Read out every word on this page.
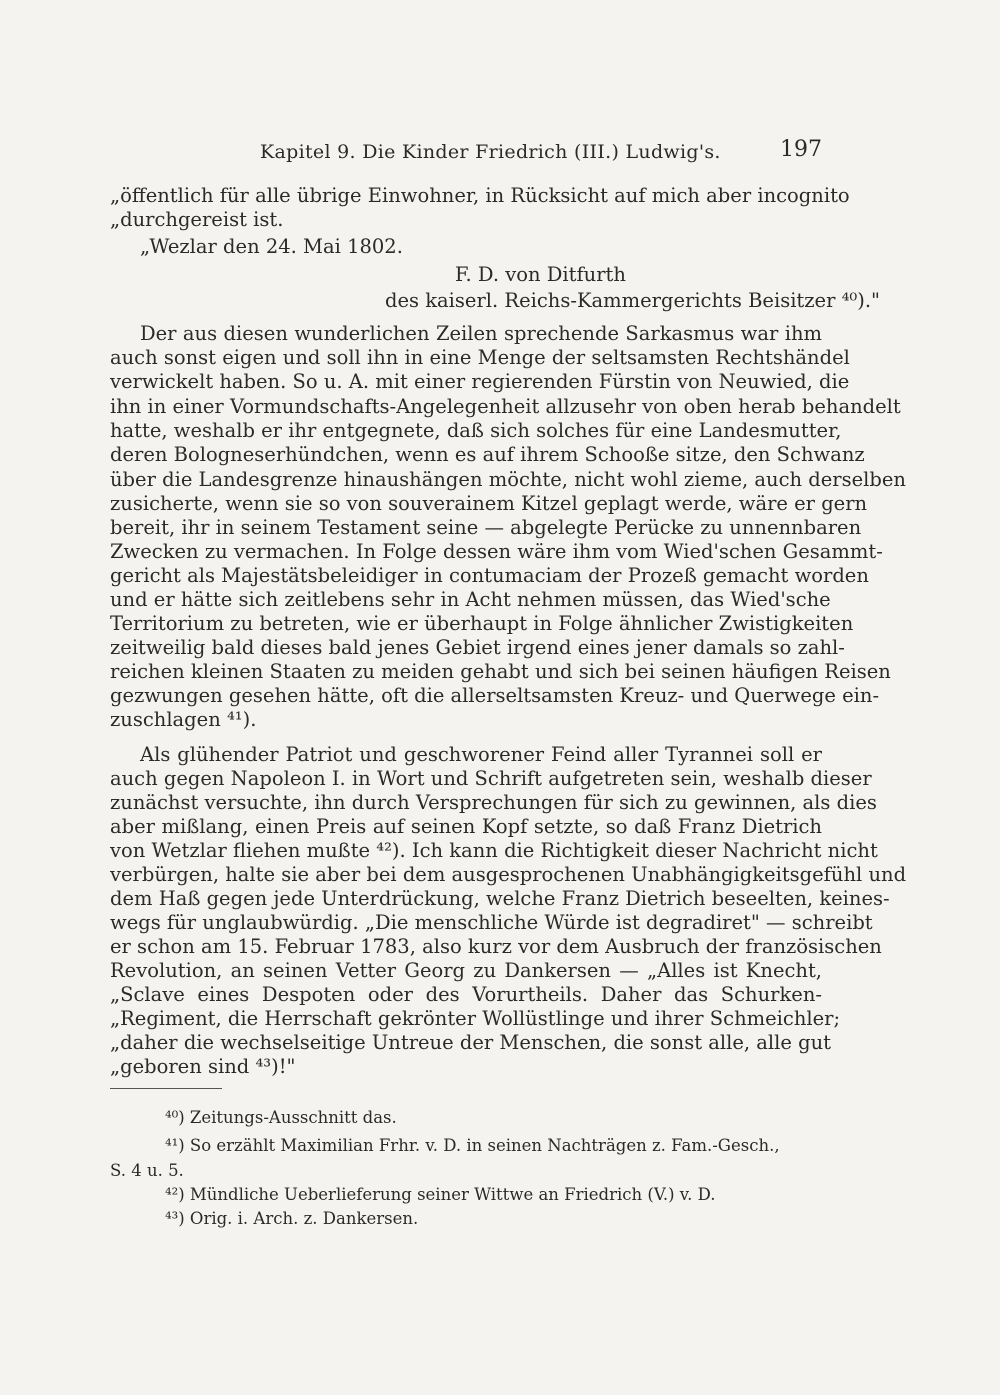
Kapitel 9. Die Kinder Friedrich (III.) Ludwig's.	197
„öffentlich für alle übrige Einwohner, in Rücksicht auf mich aber incognito
„durchgereist ist.
„Wezlar den 24. Mai 1802.
F. D. von Ditfurth
des kaiserl. Reichs-Kammergerichts Beisitzer ⁴⁰)."
Der aus diesen wunderlichen Zeilen sprechende Sarkasmus war ihm
auch sonst eigen und soll ihn in eine Menge der seltsamsten Rechtshändel
verwickelt haben. So u. A. mit einer regierenden Fürstin von Neuwied, die
ihn in einer Vormundschafts-Angelegenheit allzusehr von oben herab behandelt
hatte, weshalb er ihr entgegnete, daß sich solches für eine Landesmutter,
deren Bologneserhündchen, wenn es auf ihrem Schooße sitze, den Schwanz
über die Landesgrenze hinaushängen möchte, nicht wohl zieme, auch derselben
zusicherte, wenn sie so von souverainem Kitzel geplagt werde, wäre er gern
bereit, ihr in seinem Testament seine — abgelegte Perücke zu unnennbaren
Zwecken zu vermachen. In Folge dessen wäre ihm vom Wied'schen Gesammt-
gericht als Majestätsbeleidiger in contumaciam der Prozeß gemacht worden
und er hätte sich zeitlebens sehr in Acht nehmen müssen, das Wied'sche
Territorium zu betreten, wie er überhaupt in Folge ähnlicher Zwistigkeiten
zeitweilig bald dieses bald jenes Gebiet irgend eines jener damals so zahl-
reichen kleinen Staaten zu meiden gehabt und sich bei seinen häufigen Reisen
gezwungen gesehen hätte, oft die allerseltsamsten Kreuz- und Querwege ein-
zuschlagen ⁴¹).
Als glühender Patriot und geschworener Feind aller Tyrannei soll er
auch gegen Napoleon I. in Wort und Schrift aufgetreten sein, weshalb dieser
zunächst versuchte, ihn durch Versprechungen für sich zu gewinnen, als dies
aber mißlang, einen Preis auf seinen Kopf setzte, so daß Franz Dietrich
von Wetzlar fliehen mußte ⁴²). Ich kann die Richtigkeit dieser Nachricht nicht
verbürgen, halte sie aber bei dem ausgesprochenen Unabhängigkeitsgefühl und
dem Haß gegen jede Unterdrückung, welche Franz Dietrich beseelten, keines-
wegs für unglaubwürdig. „Die menschliche Würde ist degradiret" — schreibt
er schon am 15. Februar 1783, also kurz vor dem Ausbruch der französischen
Revolution, an seinen Vetter Georg zu Dankersen — „Alles ist Knecht,
„Sclave eines Despoten oder des Vorurtheils. Daher das Schurken-
„Regiment, die Herrschaft gekrönter Wollüstlinge und ihrer Schmeichler;
„daher die wechselseitige Untreue der Menschen, die sonst alle, alle gut
„geboren sind ⁴³)!"
⁴⁰) Zeitungs-Ausschnitt das.
⁴¹) So erzählt Maximilian Frhr. v. D. in seinen Nachträgen z. Fam.-Gesch.,
S. 4 u. 5.
⁴²) Mündliche Ueberlieferung seiner Wittwe an Friedrich (V.) v. D.
⁴³) Orig. i. Arch. z. Dankersen.
